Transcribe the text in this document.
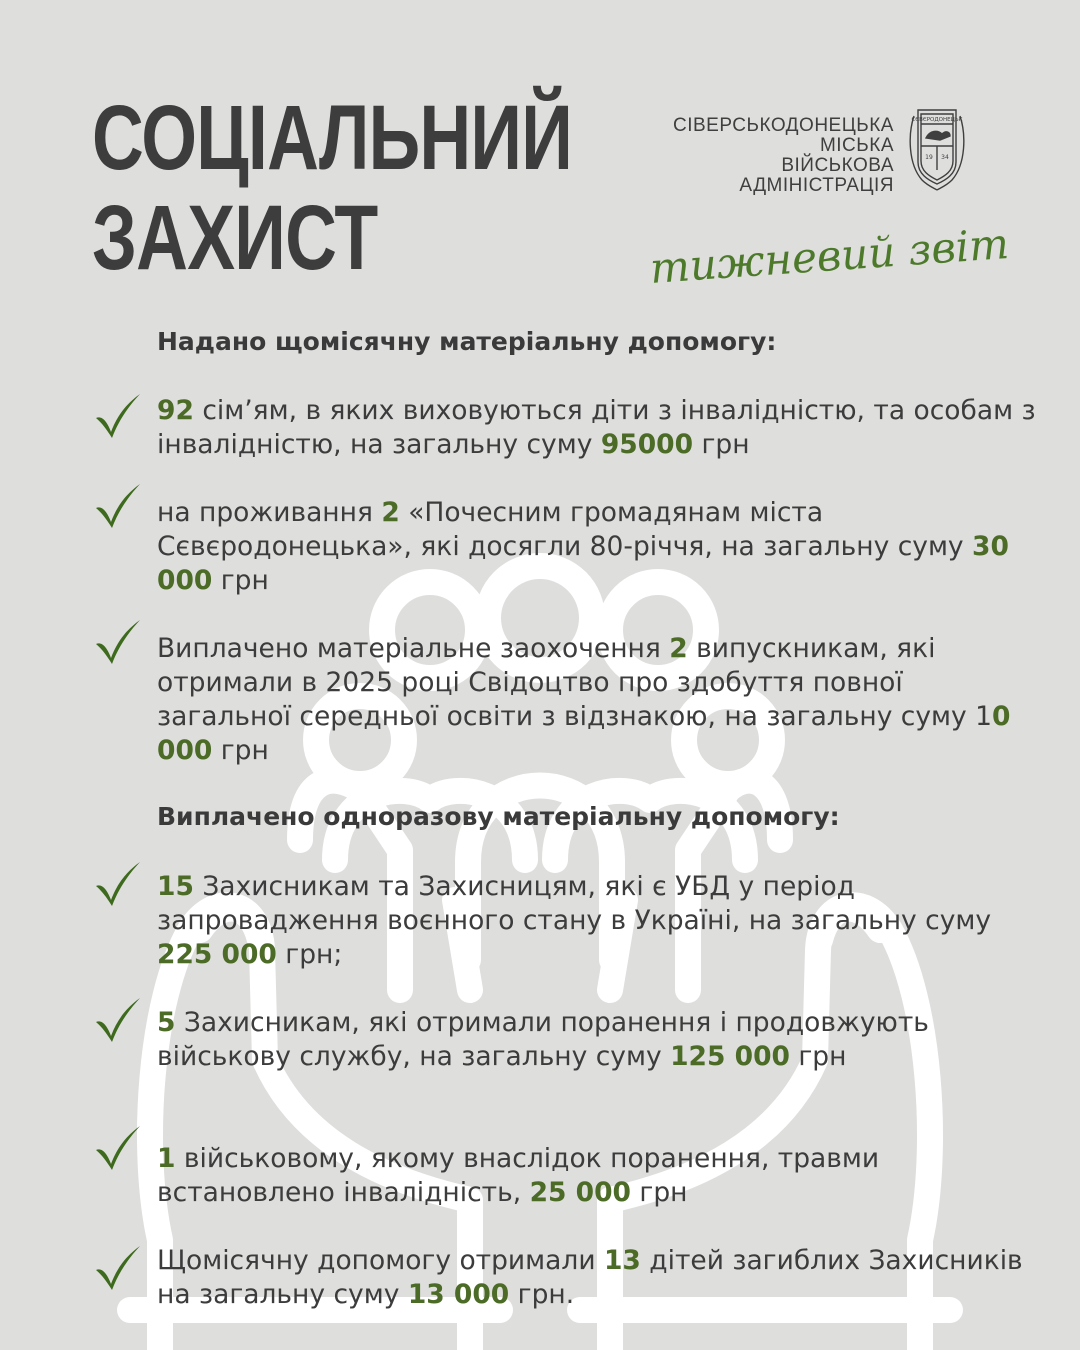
СОЦІАЛЬНИЙ
ЗАХИСТ
СІВЕРСЬКОДОНЕЦЬКА
МІСЬКА
ВІЙСЬКОВА
АДМІНІСТРАЦІЯ
СЄВЄРОДОНЕЦЬК
19 34
тижневий звіт
Надано щомісячну матеріальну допомогу:
92 сім’ям, в яких виховуються діти з інвалідністю, та особам з інвалідністю, на загальну суму 95000 грн
на проживання 2 «Почесним громадянам міста Сєвєродонецька», які досягли 80-річчя, на загальну суму 30 000 грн
Виплачено матеріальне заохочення 2 випускникам, які отримали в 2025 році Свідоцтво про здобуття повної загальної середньої освіти з відзнакою, на загальну суму 10 000 грн
Виплачено одноразову матеріальну допомогу:
15 Захисникам та Захисницям, які є УБД у період запровадження воєнного стану в Україні, на загальну суму 225 000 грн;
5 Захисникам, які отримали поранення і продовжують військову службу, на загальну суму 125 000 грн
1 військовому, якому внаслідок поранення, травми встановлено інвалідність, 25 000 грн
Щомісячну допомогу отримали 13 дітей загиблих Захисників на загальну суму 13 000 грн.
